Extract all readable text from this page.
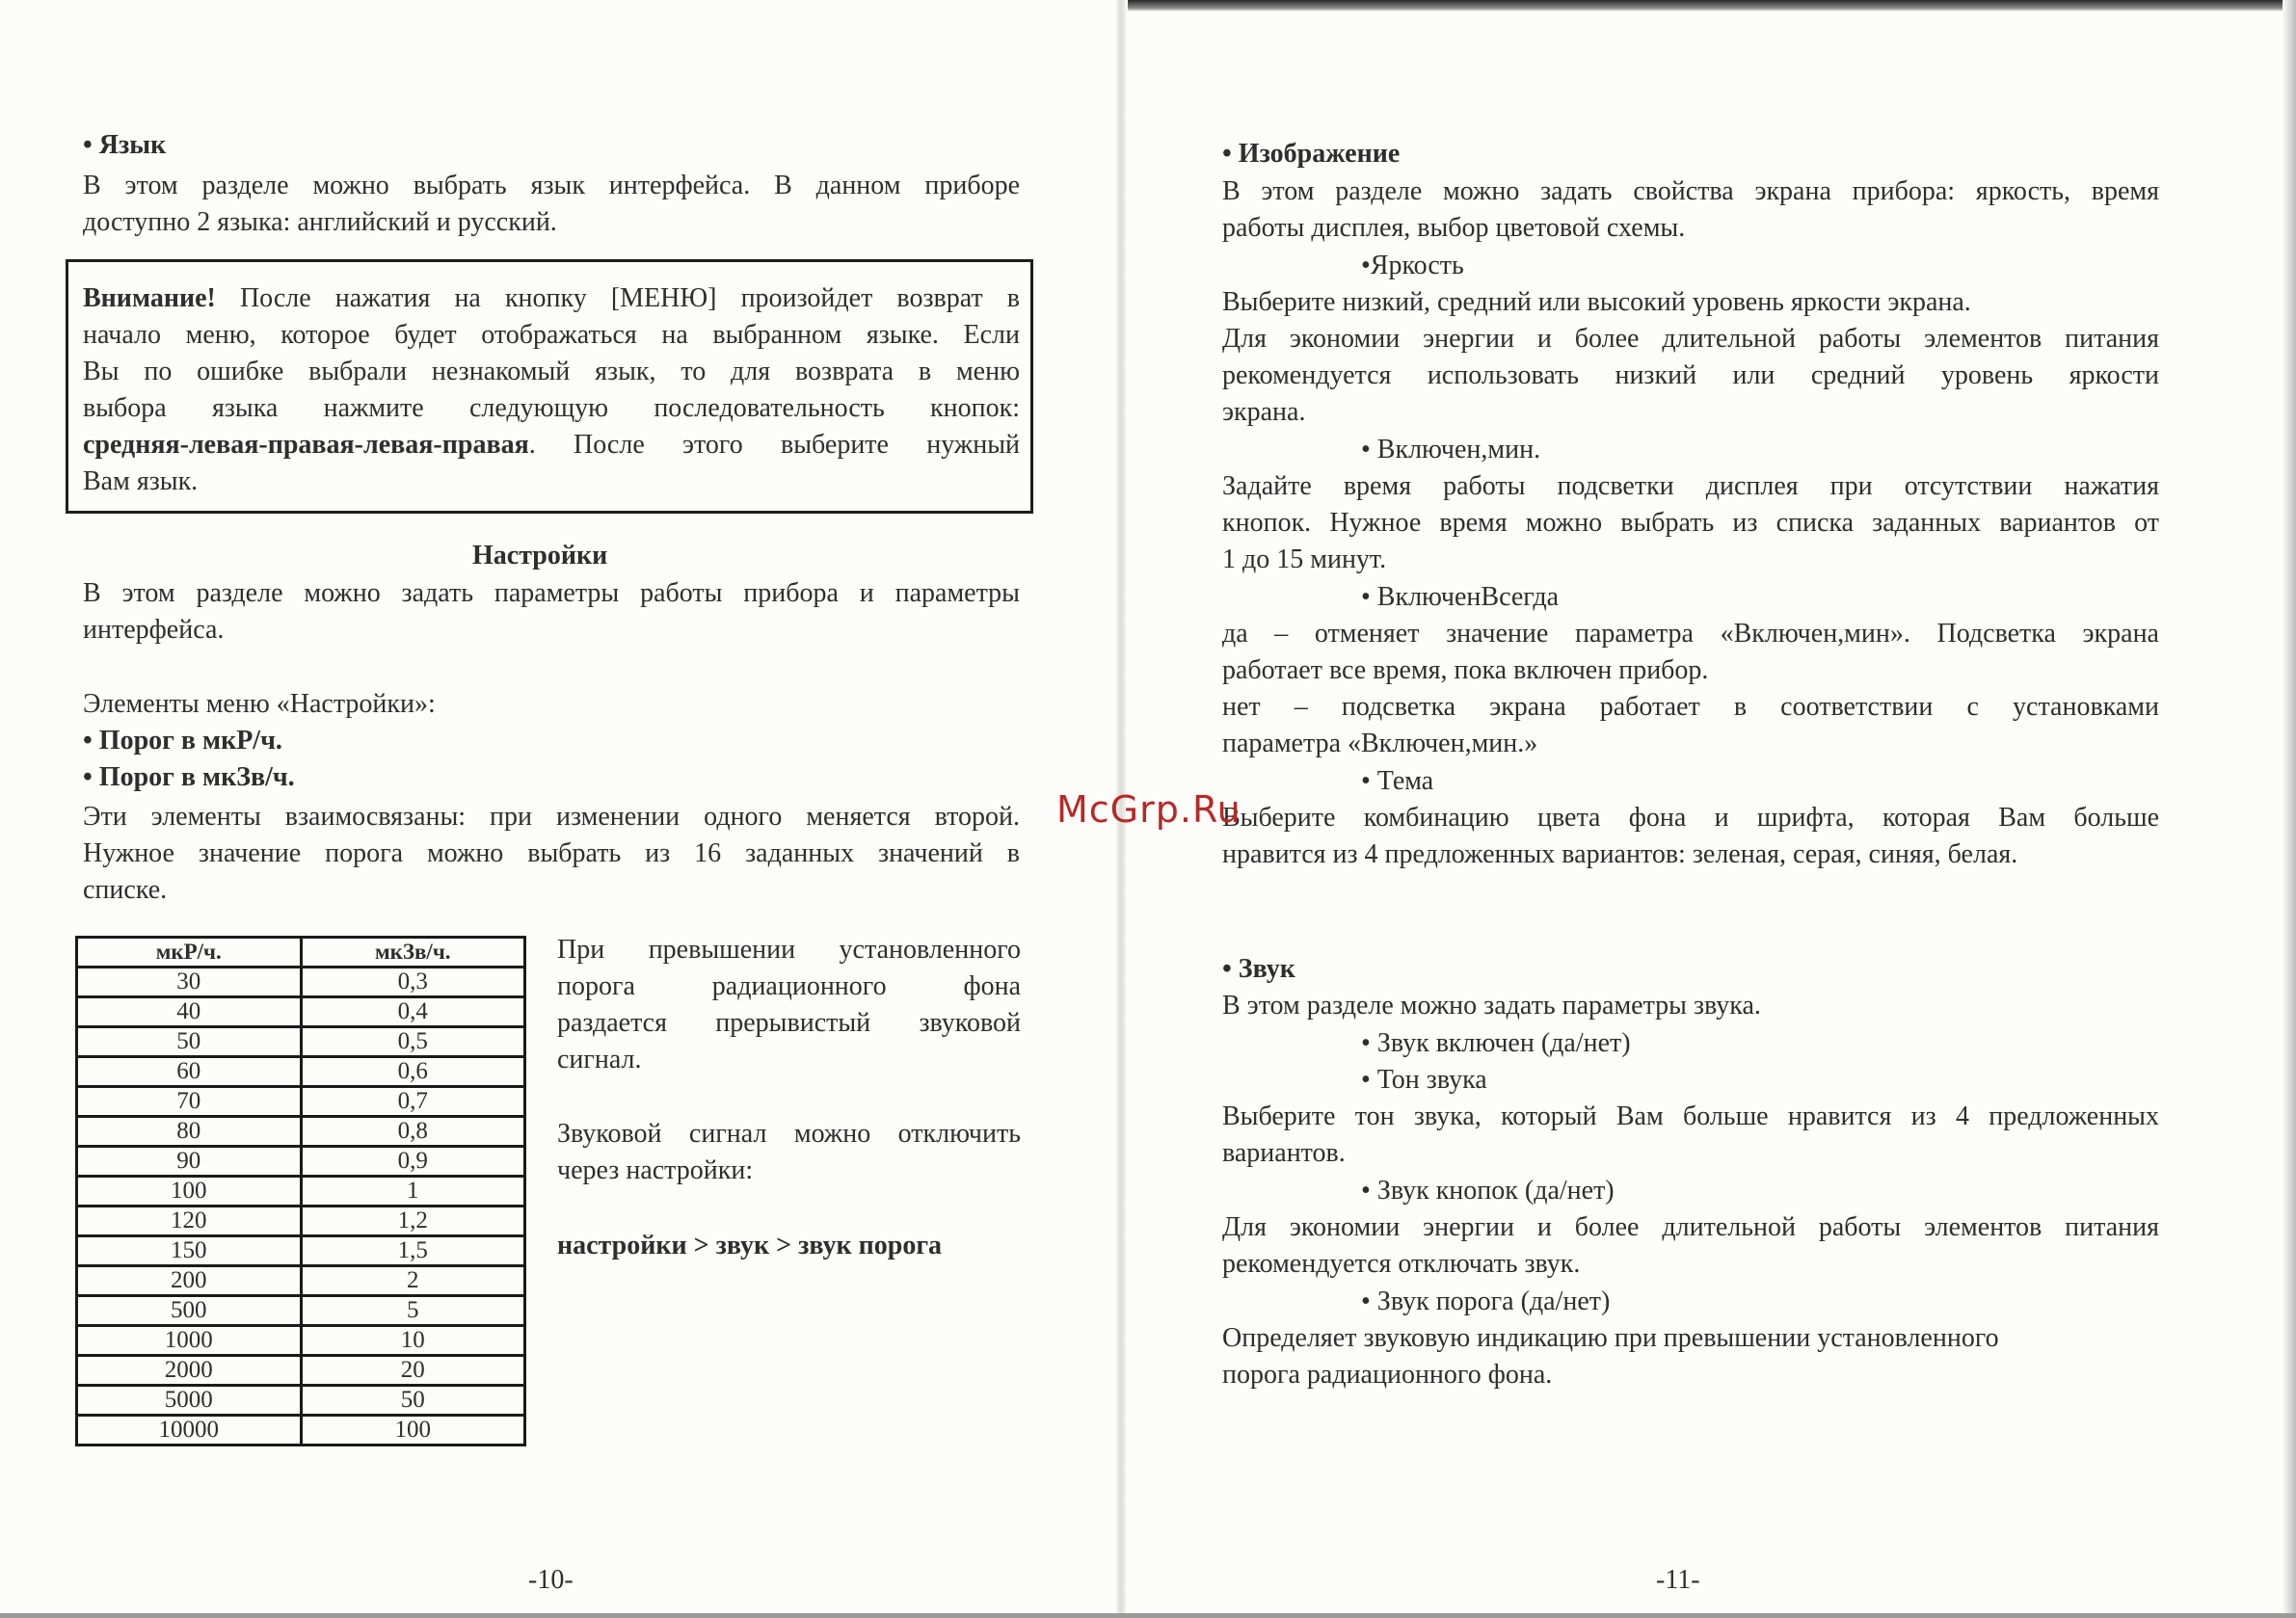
• Язык
В этом разделе можно выбрать язык интерфейса. В данном приборе
доступно 2 языка: английский и русский.
Внимание! После нажатия на кнопку [МЕНЮ] произойдет возврат в
начало меню, которое будет отображаться на выбранном языке. Если
Вы по ошибке выбрали незнакомый язык, то для возврата в меню
выбора языка нажмите следующую последовательность кнопок:
средняя-левая-правая-левая-правая. После этого выберите нужный
Вам язык.
Настройки
В этом разделе можно задать параметры работы прибора и параметры
интерфейса.
Элементы меню «Настройки»:
• Порог в мкР/ч.
• Порог в мкЗв/ч.
Эти элементы взаимосвязаны: при изменении одного меняется второй.
Нужное значение порога можно выбрать из 16 заданных значений в
списке.
мкР/ч.	мкЗв/ч.
30	0,3
40	0,4
50	0,5
60	0,6
70	0,7
80	0,8
90	0,9
100	1
120	1,2
150	1,5
200	2
500	5
1000	10
2000	20
5000	50
10000	100
При превышении установленного
порога радиационного фона
раздается прерывистый звуковой
сигнал.
Звуковой сигнал можно отключить
через настройки:
настройки > звук > звук порога
-10-
• Изображение
В этом разделе можно задать свойства экрана прибора: яркость, время
работы дисплея, выбор цветовой схемы.
•Яркость
Выберите низкий, средний или высокий уровень яркости экрана.
Для экономии энергии и более длительной работы элементов питания
рекомендуется использовать низкий или средний уровень яркости
экрана.
• Включен,мин.
Задайте время работы подсветки дисплея при отсутствии нажатия
кнопок. Нужное время можно выбрать из списка заданных вариантов от
1 до 15 минут.
• ВключенВсегда
да – отменяет значение параметра «Включен,мин». Подсветка экрана
работает все время, пока включен прибор.
нет – подсветка экрана работает в соответствии с установками
параметра «Включен,мин.»
• Тема
Выберите комбинацию цвета фона и шрифта, которая Вам больше
нравится из 4 предложенных вариантов: зеленая, серая, синяя, белая.
• Звук
В этом разделе можно задать параметры звука.
• Звук включен (да/нет)
• Тон звука
Выберите тон звука, который Вам больше нравится из 4 предложенных
вариантов.
• Звук кнопок (да/нет)
Для экономии энергии и более длительной работы элементов питания
рекомендуется отключать звук.
• Звук порога (да/нет)
Определяет звуковую индикацию при превышении установленного
порога радиационного фона.
-11-
McGrp.Ru
